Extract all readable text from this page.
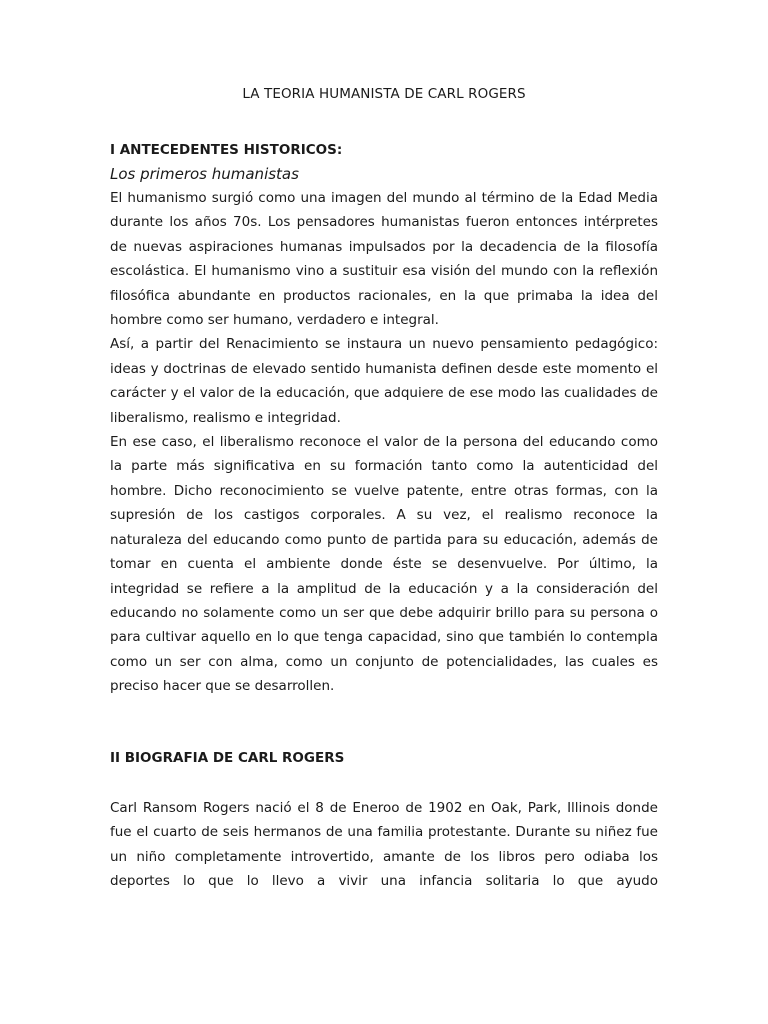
LA TEORIA HUMANISTA DE CARL ROGERS

I ANTECEDENTES HISTORICOS:

Los primeros humanistas

El humanismo surgió como una imagen del mundo al término de la Edad Media durante los años 70s. Los pensadores humanistas fueron entonces intérpretes de nuevas aspiraciones humanas impulsados por la decadencia de la filosofía escolástica. El humanismo vino a sustituir esa visión del mundo con la reflexión filosófica abundante en productos racionales, en la que primaba la idea del hombre como ser humano, verdadero e integral.

Así, a partir del Renacimiento se instaura un nuevo pensamiento pedagógico: ideas y doctrinas de elevado sentido humanista definen desde este momento el carácter y el valor de la educación, que adquiere de ese modo las cualidades de liberalismo, realismo e integridad.

En ese caso, el liberalismo reconoce el valor de la persona del educando como la parte más significativa en su formación tanto como la autenticidad del hombre. Dicho reconocimiento se vuelve patente, entre otras formas, con la supresión de los castigos corporales. A su vez, el realismo reconoce la naturaleza del educando como punto de partida para su educación, además de tomar en cuenta el ambiente donde éste se desenvuelve. Por último, la integridad se refiere a la amplitud de la educación y a la consideración del educando no solamente como un ser que debe adquirir brillo para su persona o para cultivar aquello en lo que tenga capacidad, sino que también lo contempla como un ser con alma, como un conjunto de potencialidades, las cuales es preciso hacer que se desarrollen.

II BIOGRAFIA DE CARL ROGERS

Carl Ransom Rogers nació el 8 de Eneroo de 1902 en Oak, Park, Illinois donde fue el cuarto de seis hermanos de una familia protestante. Durante su niñez fue un niño completamente introvertido, amante de los libros pero odiaba los deportes lo que lo llevo a vivir una infancia solitaria lo que ayudo
